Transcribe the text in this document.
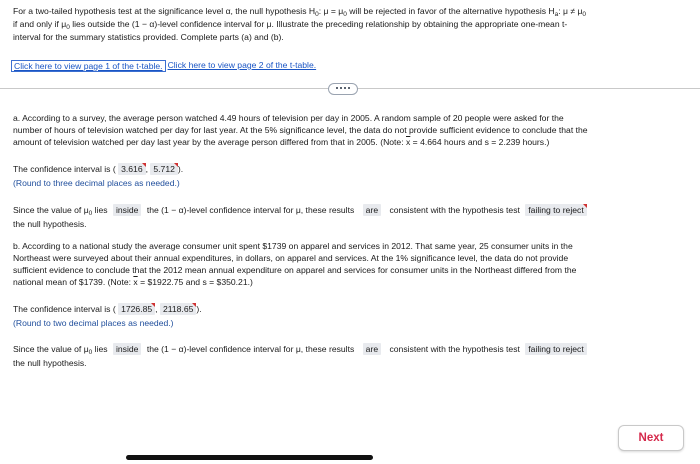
For a two-tailed hypothesis test at the significance level α, the null hypothesis $H_0$: $\mu = \mu_0$ will be rejected in favor of the alternative hypothesis $H_a$: $\mu \ne \mu_0$
if and only if $\mu_0$ lies outside the (1 − α)-level confidence interval for μ. Illustrate the preceding relationship by obtaining the appropriate one-mean t-
interval for the summary statistics provided. Complete parts (a) and (b).
Click here to view page 1 of the t-table. Click here to view page 2 of the t-table.
a. According to a survey, the average person watched 4.49 hours of television per day in 2005. A random sample of 20 people were asked for the
number of hours of television watched per day for last year. At the 5% significance level, the data do not provide sufficient evidence to conclude that the
amount of television watched per day last year by the average person differed from that in 2005. (Note: $\overline{x} = 4.664$ hours and s = 2.239 hours.)
The confidence interval is ( 3.616 , 5.712 ).
(Round to three decimal places as needed.)
Since the value of $\mu_0$ lies inside the (1 − α)-level confidence interval for μ, these results are consistent with the hypothesis test failing to reject
the null hypothesis.
b. According to a national study the average consumer unit spent $1739 on apparel and services in 2012. That same year, 25 consumer units in the
Northeast were surveyed about their annual expenditures, in dollars, on apparel and services. At the 1% significance level, the data do not provide
sufficient evidence to conclude that the 2012 mean annual expenditure on apparel and services for consumer units in the Northeast differed from the
national mean of $1739. (Note: $\overline{x}$ = $1922.75 and s = $350.21.)
The confidence interval is ( 1726.85 , 2118.65 ).
(Round to two decimal places as needed.)
Since the value of $\mu_0$ lies inside the (1 − α)-level confidence interval for μ, these results are consistent with the hypothesis test failing to reject
the null hypothesis.
Next
